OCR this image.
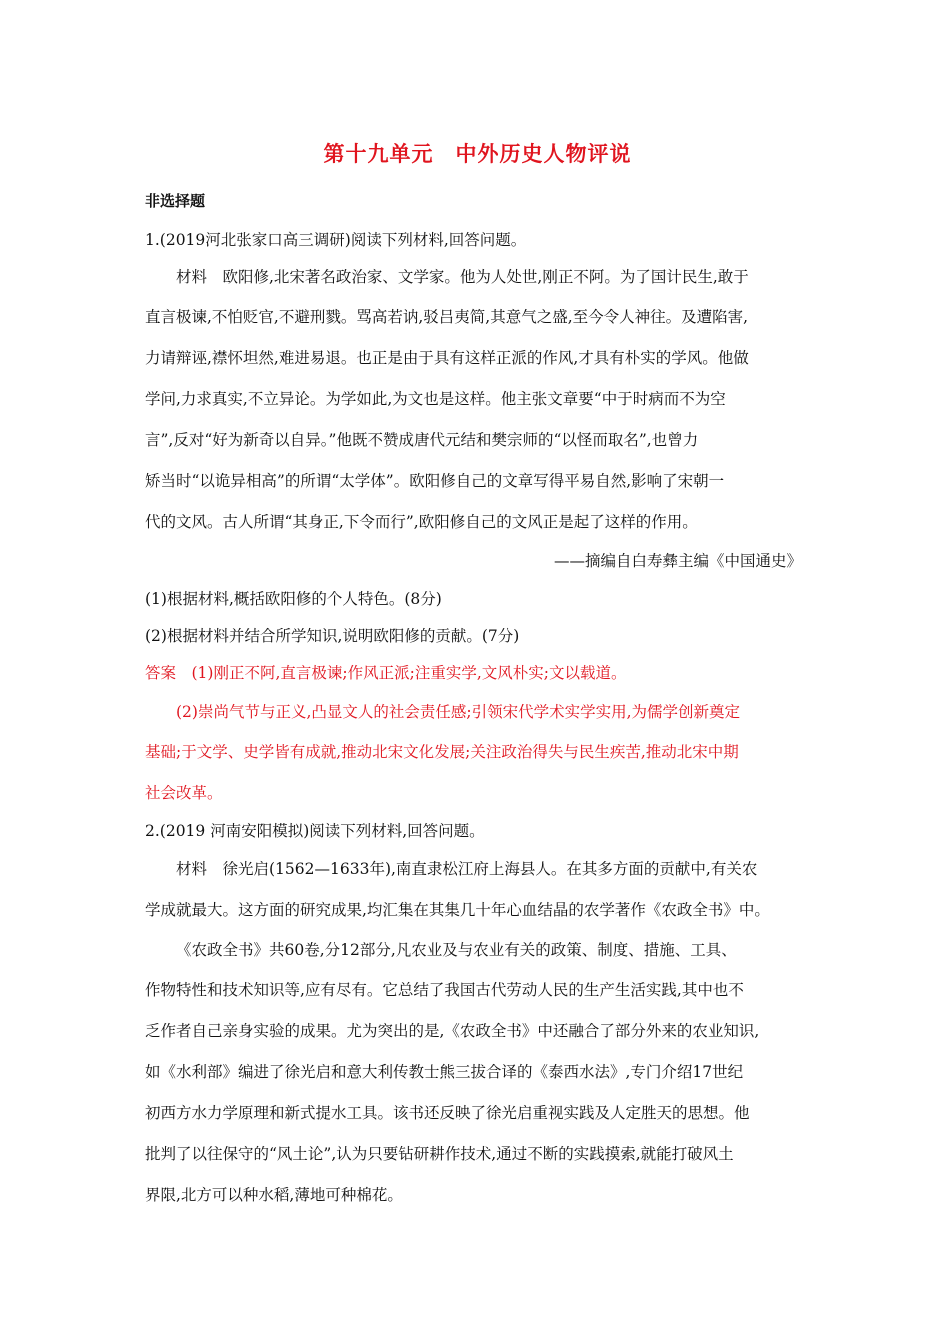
第十九单元　中外历史人物评说
非选择题
1.(2019河北张家口高三调研)阅读下列材料,回答问题。
材料　欧阳修,北宋著名政治家、文学家。他为人处世,刚正不阿。为了国计民生,敢于
直言极谏,不怕贬官,不避刑戮。骂高若讷,驳吕夷简,其意气之盛,至今令人神往。及遭陷害,
力请辩诬,襟怀坦然,难进易退。也正是由于具有这样正派的作风,才具有朴实的学风。他做
学问,力求真实,不立异论。为学如此,为文也是这样。他主张文章要“中于时病而不为空
言”,反对“好为新奇以自异。”他既不赞成唐代元结和樊宗师的“以怪而取名”,也曾力
矫当时“以诡异相高”的所谓“太学体”。欧阳修自己的文章写得平易自然,影响了宋朝一
代的文风。古人所谓“其身正,下令而行”,欧阳修自己的文风正是起了这样的作用。
——摘编自白寿彝主编《中国通史》
(1)根据材料,概括欧阳修的个人特色。(8分)
(2)根据材料并结合所学知识,说明欧阳修的贡献。(7分)
答案　(1)刚正不阿,直言极谏;作风正派;注重实学,文风朴实;文以载道。
(2)崇尚气节与正义,凸显文人的社会责任感;引领宋代学术实学实用,为儒学创新奠定
基础;于文学、史学皆有成就,推动北宋文化发展;关注政治得失与民生疾苦,推动北宋中期
社会改革。
2.(2019 河南安阳模拟)阅读下列材料,回答问题。
材料　徐光启(1562—1633年),南直隶松江府上海县人。在其多方面的贡献中,有关农
学成就最大。这方面的研究成果,均汇集在其集几十年心血结晶的农学著作《农政全书》中。
《农政全书》共60卷,分12部分,凡农业及与农业有关的政策、制度、措施、工具、
作物特性和技术知识等,应有尽有。它总结了我国古代劳动人民的生产生活实践,其中也不
乏作者自己亲身实验的成果。尤为突出的是,《农政全书》中还融合了部分外来的农业知识,
如《水利部》编进了徐光启和意大利传教士熊三拔合译的《泰西水法》,专门介绍17世纪
初西方水力学原理和新式提水工具。该书还反映了徐光启重视实践及人定胜天的思想。他
批判了以往保守的“风土论”,认为只要钻研耕作技术,通过不断的实践摸索,就能打破风土
界限,北方可以种水稻,薄地可种棉花。
